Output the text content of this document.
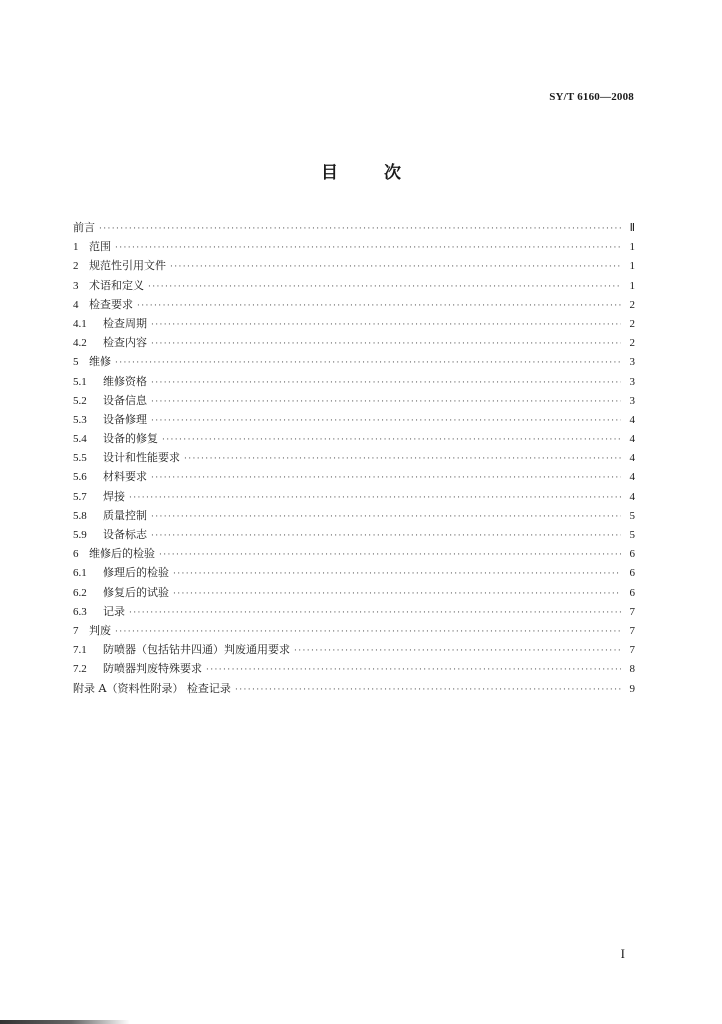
SY/T 6160—2008
目	次
前言 ·····	Ⅱ
1 范围 ·····	1
2 规范性引用文件 ·····	1
3 术语和定义 ·····	1
4 检查要求 ·····	2
4.1	检查周期 ·····	2
4.2	检查内容 ·····	2
5 维修 ·····	3
5.1	维修资格 ·····	3
5.2	设备信息 ·····	3
5.3	设备修理 ·····	4
5.4	设备的修复 ·····	4
5.5	设计和性能要求 ·····	4
5.6	材料要求 ·····	4
5.7	焊接 ·····	4
5.8	质量控制 ·····	5
5.9	设备标志 ·····	5
6 维修后的检验 ·····	6
6.1	修理后的检验 ·····	6
6.2	修复后的试验 ·····	6
6.3	记录 ·····	7
7 判废 ·····	7
7.1	防喷器（包括钻井四通）判废通用要求 ·····	7
7.2	防喷器判废特殊要求 ·····	8
附录 A（资料性附录） 检查记录 ·····	9
I
